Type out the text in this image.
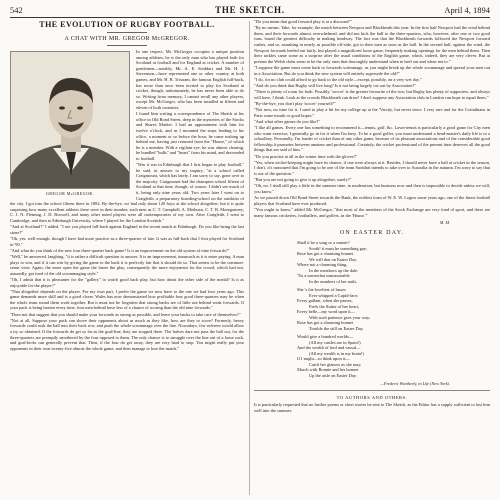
542	THE SKETCH.	April 4, 1894
THE EVOLUTION OF RUGBY FOOTBALL.
A CHAT WITH MR. GREGOR McGREGOR.
Photo by Hawkins, New Bond Street, W.
GREGOR McGREGOR.

In one respect, Mr. McGregor occupies a unique position among athletes; he is the only man who has played both for Scotland at football and for England at cricket. A number of gentlemen—notably, Mr. A. E. Stoddart and Mr. H. J. Stevenson—have represented one or other country at both games, and Mr. H. B. Tristram, the famous English full-back, has more than once been invited to play for Scotland at cricket, though, unfortunately, he has never been able to do so. Writing from memory, I cannot recall any other players, except Mr. McGregor, who has been installed in fifteen and eleven of both countries.

I found him writing a correspondence of The Sketch at his office in Old Bond Street, deep in the mysteries of the Stocks and Shares Market. I had an appointment with him for twelve o'clock, and as I mounted the steps leading to his office, a moment or so before the hour, he came rushing up behind me, having just returned from the "House," of which he is a member. With a vigilant eye, he was almost clearing, he bundled "bulls" and "bears" from his mind, and descended to football.

"Was it war in Edinburgh that I first began to play football," he said, in answer to my inquiry, "at a school called Craigmount, which has lately, I am sorry to say, gone over to the majority. Craigmount had the champion school fifteen of Scotland at that time, though, of course, I didn't see much of it, being only nine years old. Two years later I went on to Craigleith, a preparatory boarding-school on the outskirts of the city. I got into the school fifteen there in 1882. By-the-bye, we had only about 120 boys at the school altogether, but it is quite surprising how many excellent athletes there were in their number, such men as C. T. Campbell, A. Methuen, C. T. B. Montgomery, C. J. N. Fleming, J. D. Boswell, and many other noted players were all contemporaries of my own. After Craigleith, I went to Cambridge, and then to Edinburgh University, where I played for the London Scottish."

"And at Scotland?" I added. "I see you played full-back against England in the recent match at Edinburgh. Do you like being the last stone?"

"Oh, yes, well enough, though I have had more practice as a three-quarter of late. It was as full-back that I first played for Scotland in '90."

"And what do you think of the new four three-quarter back game? Is it an improvement on the old system of nine forwards?"

"Well," he answered, laughing, "it is rather a difficult question to answer. It is an improvement, inasmuch as it is more paying. A man plays to win, and if it can win by giving the game to the back it is perfectly fair that it should do so. That seems to be the common-sense view. Again, the more open the game the faster the play, consequently the more enjoyment for the crowd, which had not, assuredly, got tired of the old scrummaging style."

"Oh, I admit that it is pleasanter for the "gallery" to watch good back play, but how about the other side of the medal? Is it as enjoyable for the player?"

"That altogether depends on the player. For my own part, I prefer the game we now have to the one we had four years ago. This game demands more skill and is a good closer. Wales has now demonstrated how profitable four good three-quarters may be when the whole team round them work together. But it must not be forgotten that strong backs are of little use behind weak forwards. If your pack is being beaten every time, four men behind have less of a chance of scoring than the old nine forwards."

"Does not that suggest that you should make your forwards as strong as possible, and leave your backs to take care of themselves?"

"Not at all. Suppose your pack can shove their opponents about as much as they like, how are they to score? Formerly, heavy forwards could rush the ball into their back row, and push the whole scrummage over the line. Nowadays, few referees would allow a try so obtained. If the forwards do get so far as the goal-line, they are stopped there. The halves dare not pass the ball out, for the three-quarters are promptly smothered by the four opposed to them. The only chance is to smuggle over the line out of a loose ruck, and goal-kicks can generally prevent that. Then, if the four do get away, they are very hard to stop. You might really put your opponents in their own twenty-five almost the whole game, and then manage to lose the match."

"Do you mean that good forward play is at a discount?"

"By no means. Take, for example, the match between Newport and Blackheath this year. In the first half Newport had the wind behind them, and their forwards almost overwhelmed, and did not kick the ball to the three-quarters, who, however, after one or two good runs, found the greatest difficulty in making headway. The fact was that the Blackheath forwards followed the Newport forward rushes, and so, smashing in nearly as possible off-side, got to their men as soon as the ball. In the second half, against the wind, the Newport forwards heeled out fairly, but played a magnificent loose game, frequently making openings for the men behind them. Then their tackles came some as a surprise after the usual conditions of the English game, which, indeed, they are very clever. But at present the Welsh clubs seem to be the only ones that thoroughly understand when to heel out and when not to."

"I suppose the game must come back to forwards scrimmage, as you might break up the whole scrummage and spread your men out in a Association. But do you think the new system will entirely supersede the old?"

"I do, for no club could afford to go back to the old style—except, possibly, on a very wet day."

"And do you think that Rugby will live long? Is it not being largely cut out by Association?"

"There is plenty of room for both. Possibly, 'soccer' is the greater favourite of the two; but Rugby has plenty of supporters, and always will have, I think. Look at the crowds Blackheath can draw! I don't suppose any Association club in London can hope to equal them."

"By-the-bye, you don't play 'soccer' yourself?"

"Not now, no time for it. I used to play a bit for my college up at the 'Varsity, but never since. I very rare and for the Corinthians in Paris some mouth or good hopes."

"And what other games do you like?"

"I like all games. Every one has something to recommend it—tennis, golf, &c. Lawn-tennis is particularly a good game for City men who want exercise; I generally go in for it when I'm busy. To be a good golfer, you must understand a head-master's daily life is to a schoolboy. Personally, I'm fonder of cricket than of any other game, because of its pleasant associations and of the considerable good fellowship it promotes between amateur and professional. Certainly, the cricket professional of the present time deserves all the good things that are said of him."

"Do you practise at all in the winter time with the gloves?"

"Yes, when wicket-keeping might have its chance, if one were always at it. Besides, I should never have a ball at cricket in the season, I don't, it's rumoured that I'm going to be one of the team Stoddart intends to take over to Australia in the autumn. I'm sorry to say that is out of the question."

"But you are not going to give it up altogether, surely?"

"Oh, no. I shall still play a little in the summer time, in moderation, but business now and then is impossible to decide unless we will, you know."

As we passed down Old Bond Street towards the Bank, the noblest form of W. E. W. Logies some years ago, one of the finest football players that Scotland have ever produced.

"You ought to know," added Mr. McGregor, "that most of the members of the Stock Exchange are very fond of sport, and there are many famous cricketers, footballers, and golfers, in the 'House.'"

M. M.
ON EASTER DAY.
Shall it be a song or a sonnet?
Sooth! it must be something gay;
Rose has got a charming bonnet
We will don on Easter Day.
Where not a charming thing,
In the meadows up the dale,
'Tis a somewhat unseasonable
In the numbers of her nails.
She 's the loveliest of lasses
Ever whipped a Cupid-face;
Every gallant, when she passes,
Feels the flutter of her heart;
Every belle—my word upon it—
With such patience goes your way;
Rose has got a charming bonnet
Trouble the still on Easter Day.
Would give a hundred worlds—
(All my castles are in Spain!)
And the wealth of lord and vassal—
(All my wealth is in my brain!)
If I might—to think upon it—
Catch her glances as she may,
March with Bonnie and her bonnet
Up the aisle on Easter Day.
—Frederic Weatherly, in Life (New York).
TO AUTHORS AND OTHERS.

It is particularly requested that no further poems or short stories be sent to The Sketch, as the Editor has a supply sufficient to last him well into the summer.
